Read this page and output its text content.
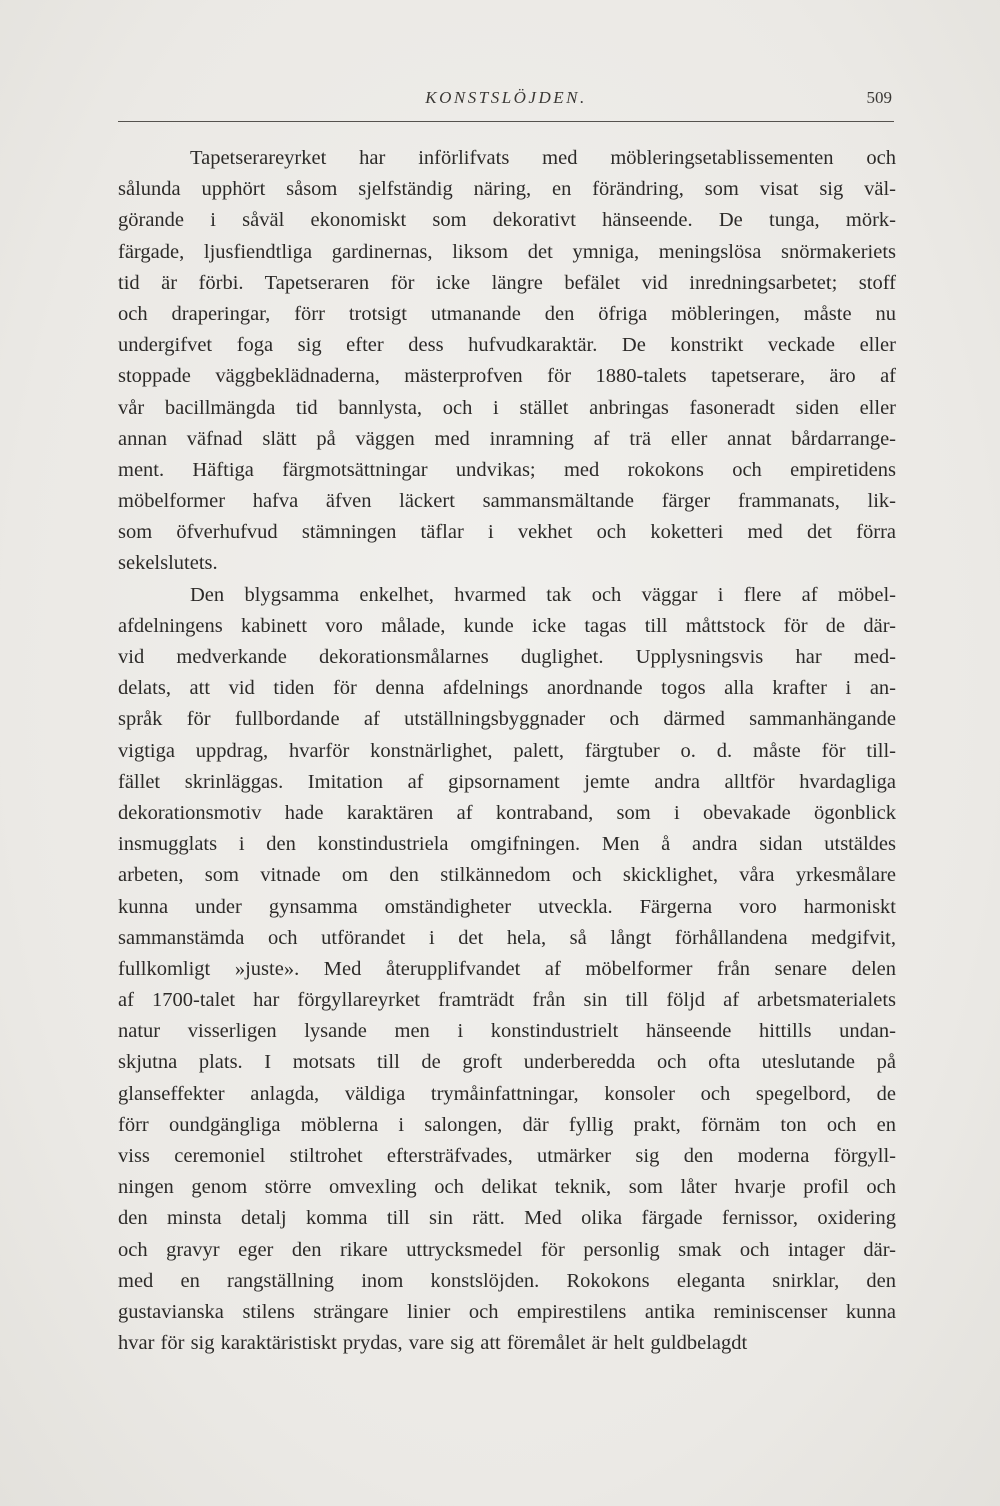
KONSTSLÖJDEN.	509
Tapetserareyrket har införlifvats med möbleringsetablissementen och
sålunda upphört såsom sjelfständig näring, en förändring, som visat sig väl-
görande i såväl ekonomiskt som dekorativt hänseende. De tunga, mörk-
färgade, ljusfiendtliga gardinernas, liksom det ymniga, meningslösa snörmakeriets
tid är förbi. Tapetseraren för icke längre befälet vid inredningsarbetet; stoff
och draperingar, förr trotsigt utmanande den öfriga möbleringen, måste nu
undergifvet foga sig efter dess hufvudkaraktär. De konstrikt veckade eller
stoppade väggbeklädnaderna, mästerprofven för 1880-talets tapetserare, äro af
vår bacillmängda tid bannlysta, och i stället anbringas fasoneradt siden eller
annan väfnad slätt på väggen med inramning af trä eller annat bårdarrange-
ment. Häftiga färgmotsättningar undvikas; med rokokons och empiretidens
möbelformer hafva äfven läckert sammansmältande färger frammanats, lik-
som öfverhufvud stämningen täflar i vekhet och koketteri med det förra
sekelslutets.
Den blygsamma enkelhet, hvarmed tak och väggar i flere af möbel-
afdelningens kabinett voro målade, kunde icke tagas till måttstock för de där-
vid medverkande dekorationsmålarnes duglighet. Upplysningsvis har med-
delats, att vid tiden för denna afdelnings anordnande togos alla krafter i an-
språk för fullbordande af utställningsbyggnader och därmed sammanhängande
vigtiga uppdrag, hvarför konstnärlighet, palett, färgtuber o. d. måste för till-
fället skrinläggas. Imitation af gipsornament jemte andra alltför hvardagliga
dekorationsmotiv hade karaktären af kontraband, som i obevakade ögonblick
insmugglats i den konstindustriela omgifningen. Men å andra sidan utstäldes
arbeten, som vitnade om den stilkännedom och skicklighet, våra yrkesmålare
kunna under gynsamma omständigheter utveckla. Färgerna voro harmoniskt
sammanstämda och utförandet i det hela, så långt förhållandena medgifvit,
fullkomligt »juste». Med återupplifvandet af möbelformer från senare delen
af 1700-talet har förgyllareyrket framträdt från sin till följd af arbetsmaterialets
natur visserligen lysande men i konstindustrielt hänseende hittills undan-
skjutna plats. I motsats till de groft underberedda och ofta uteslutande på
glanseffekter anlagda, väldiga trymåinfattningar, konsoler och spegelbord, de
förr oundgängliga möblerna i salongen, där fyllig prakt, förnäm ton och en
viss ceremoniel stiltrohet eftersträfvades, utmärker sig den moderna förgyll-
ningen genom större omvexling och delikat teknik, som låter hvarje profil och
den minsta detalj komma till sin rätt. Med olika färgade fernissor, oxidering
och gravyr eger den rikare uttrycksmedel för personlig smak och intager där-
med en rangställning inom konstslöjden. Rokokons eleganta snirklar, den
gustavianska stilens strängare linier och empirestilens antika reminiscenser kunna
hvar för sig karaktäristiskt prydas, vare sig att föremålet är helt guldbelagdt
